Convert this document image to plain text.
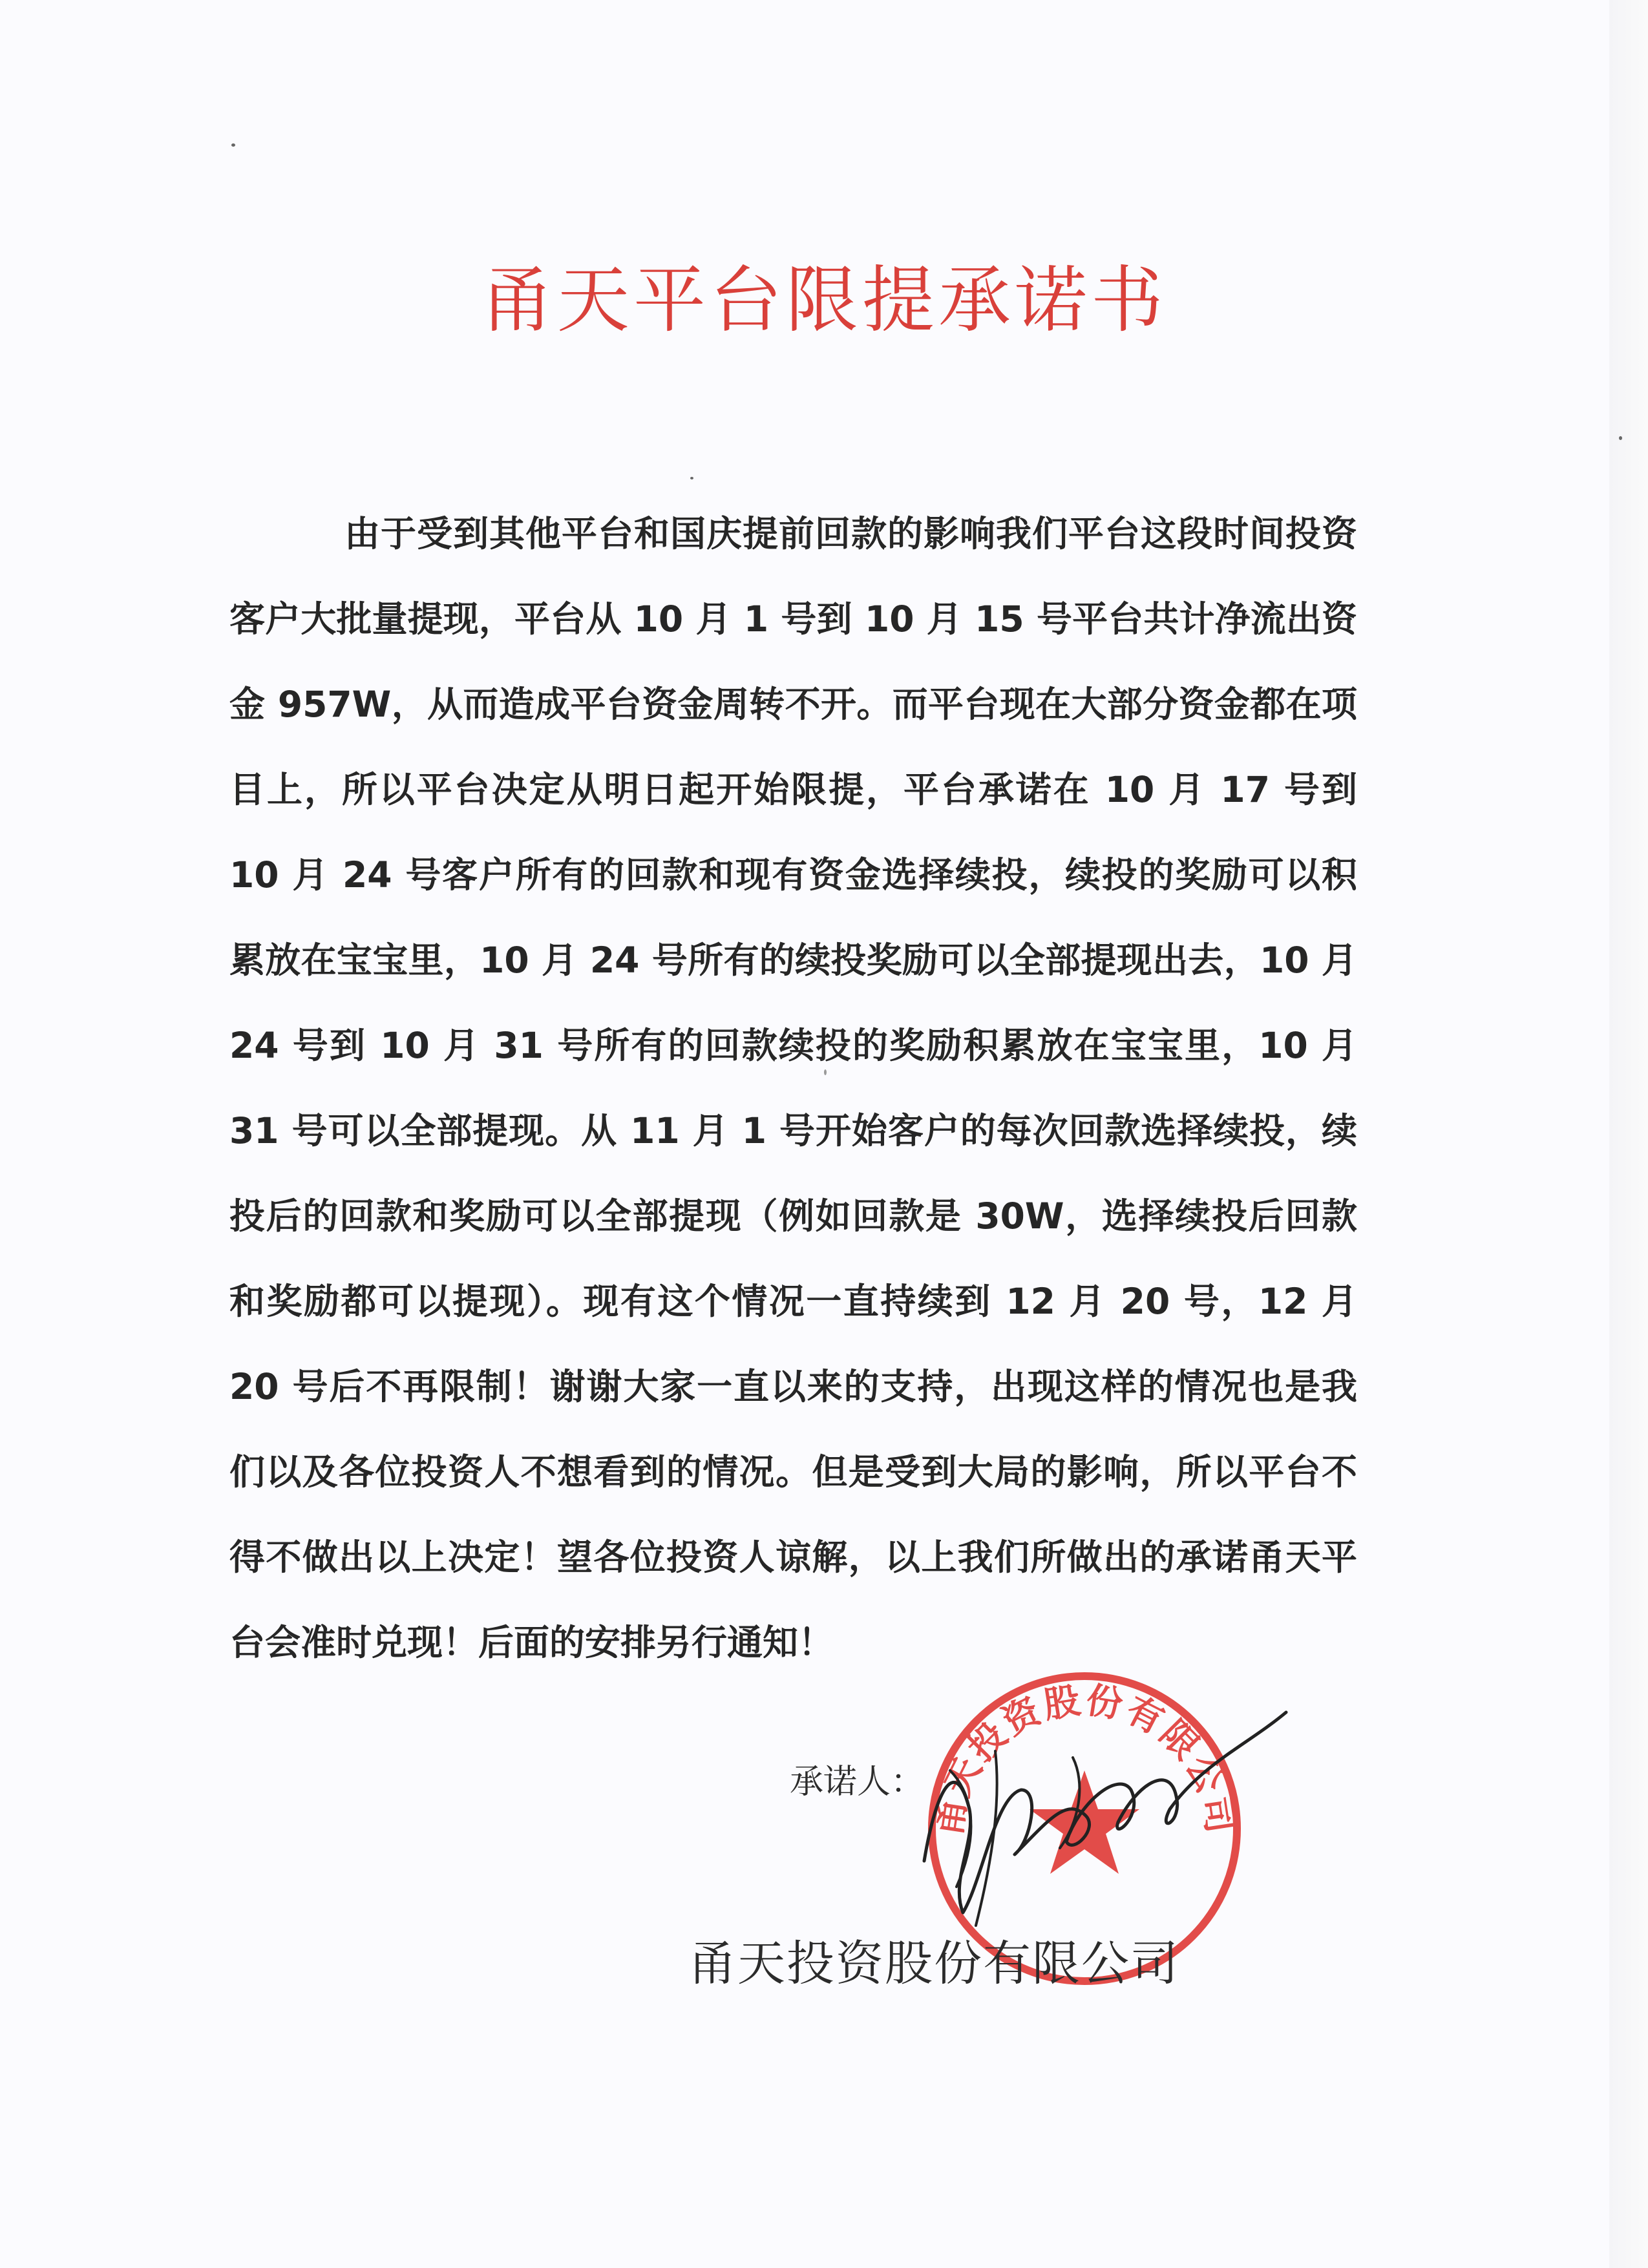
甬天平台限提承诺书

由于受到其他平台和国庆提前回款的影响我们平台这段时间投资客户大批量提现，平台从 10 月 1 号到 10 月 15 号平台共计净流出资金 957W，从而造成平台资金周转不开。而平台现在大部分资金都在项目上，所以平台决定从明日起开始限提，平台承诺在 10 月 17 号到 10 月 24 号客户所有的回款和现有资金选择续投，续投的奖励可以积累放在宝宝里，10 月 24 号所有的续投奖励可以全部提现出去，10 月 24 号到 10 月 31 号所有的回款续投的奖励积累放在宝宝里，10 月 31 号可以全部提现。从 11 月 1 号开始客户的每次回款选择续投，续投后的回款和奖励可以全部提现（例如回款是 30W，选择续投后回款和奖励都可以提现）。现有这个情况一直持续到 12 月 20 号，12 月 20 号后不再限制！谢谢大家一直以来的支持，出现这样的情况也是我们以及各位投资人不想看到的情况。但是受到大局的影响，所以平台不得不做出以上决定！望各位投资人谅解，以上我们所做出的承诺甬天平台会准时兑现！后面的安排另行通知！

承诺人：
甬天投资股份有限公司
甬天投资股份有限公司
